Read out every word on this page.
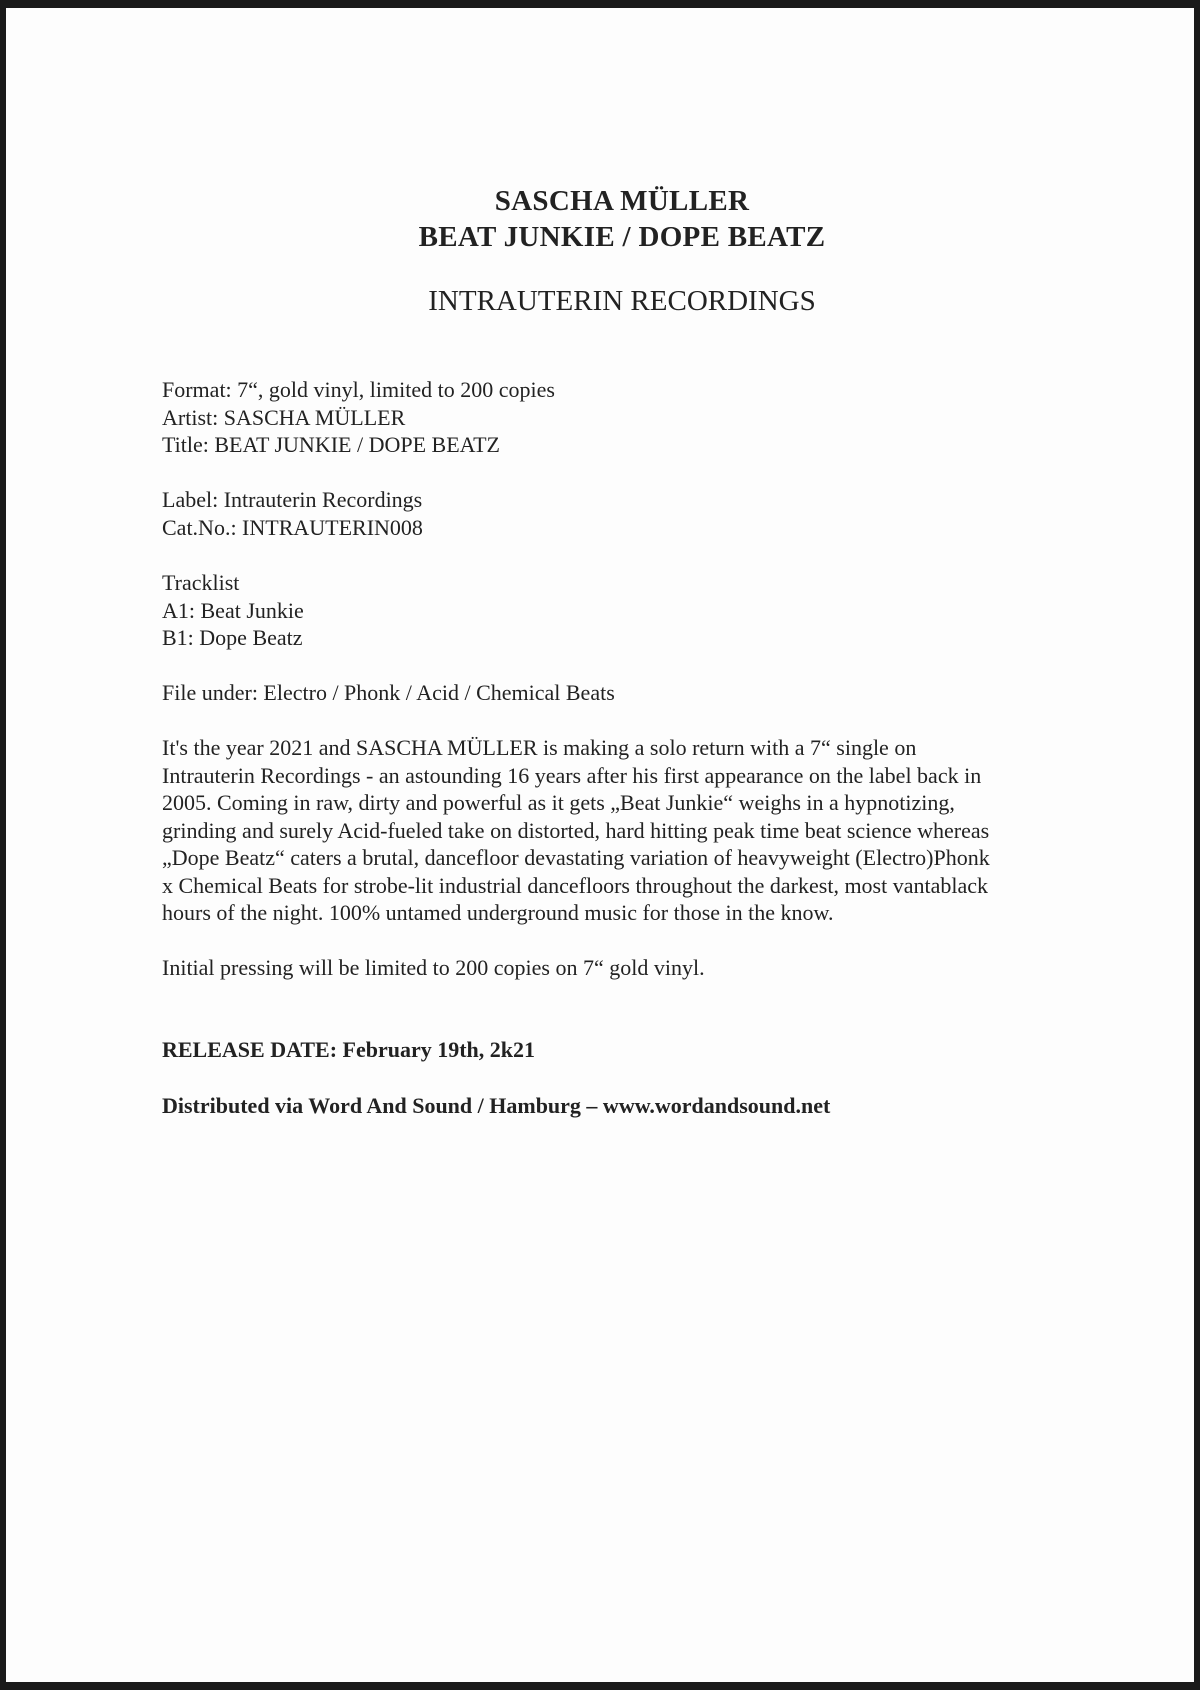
SASCHA MÜLLER
BEAT JUNKIE / DOPE BEATZ
INTRAUTERIN RECORDINGS
Format: 7“, gold vinyl, limited to 200 copies
Artist: SASCHA MÜLLER
Title: BEAT JUNKIE / DOPE BEATZ
Label: Intrauterin Recordings
Cat.No.: INTRAUTERIN008
Tracklist
A1: Beat Junkie
B1: Dope Beatz
File under: Electro / Phonk / Acid / Chemical Beats
It's the year 2021 and SASCHA MÜLLER is making a solo return with a 7“ single on
Intrauterin Recordings - an astounding 16 years after his first appearance on the label back in
2005. Coming in raw, dirty and powerful as it gets „Beat Junkie“ weighs in a hypnotizing,
grinding and surely Acid-fueled take on distorted, hard hitting peak time beat science whereas
„Dope Beatz“ caters a brutal, dancefloor devastating variation of heavyweight (Electro)Phonk
x Chemical Beats for strobe-lit industrial dancefloors throughout the darkest, most vantablack
hours of the night. 100% untamed underground music for those in the know.
Initial pressing will be limited to 200 copies on 7“ gold vinyl.
RELEASE DATE: February 19th, 2k21
Distributed via Word And Sound / Hamburg – www.wordandsound.net
